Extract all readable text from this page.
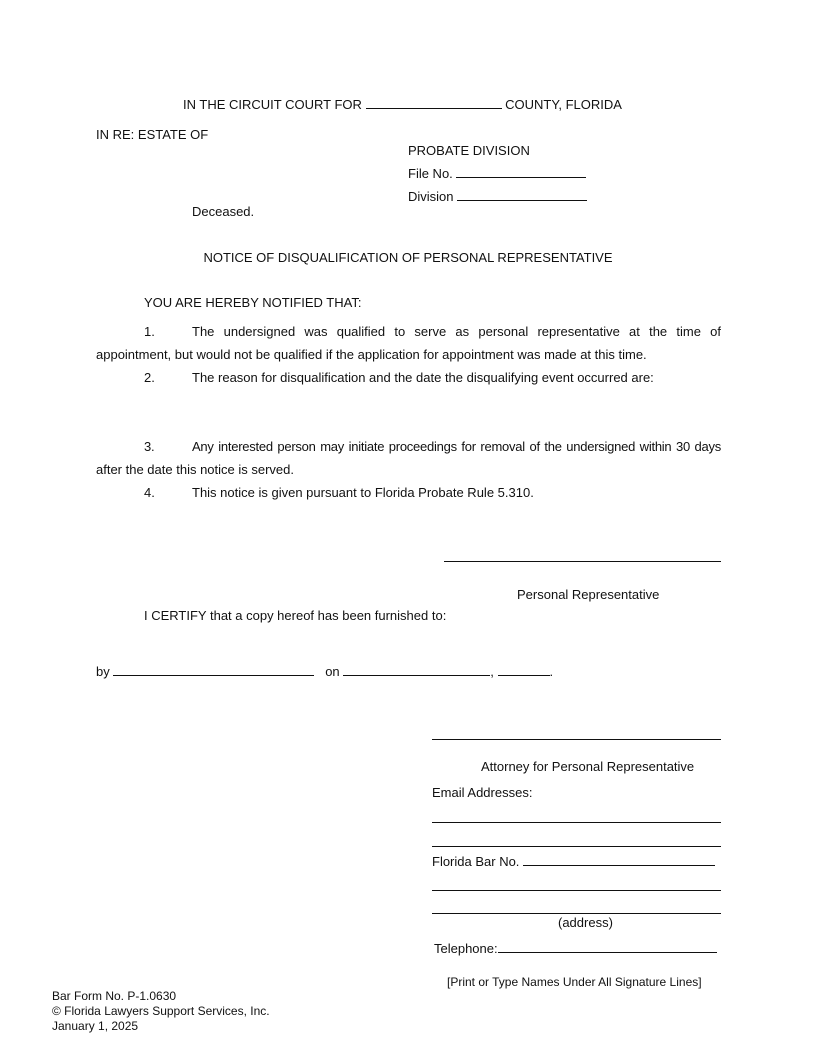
IN THE CIRCUIT COURT FOR	COUNTY, FLORIDA
IN RE: ESTATE OF
PROBATE DIVISION
File No.
Division
Deceased.
NOTICE OF DISQUALIFICATION OF PERSONAL REPRESENTATIVE
YOU ARE HEREBY NOTIFIED THAT:
1.	The undersigned was qualified to serve as personal representative at the time of
appointment, but would not be qualified if the application for appointment was made at this time.
2.	The reason for disqualification and the date the disqualifying event occurred are:
3.	Any interested person may initiate proceedings for removal of the undersigned within 30 days
after the date this notice is served.
4.	This notice is given pursuant to Florida Probate Rule 5.310.
Personal Representative
I CERTIFY that a copy hereof has been furnished to:
by	on	,	.
Attorney for Personal Representative
Email Addresses:
Florida Bar No.
(address)
Telephone:
[Print or Type Names Under All Signature Lines]
Bar Form No. P-1.0630
© Florida Lawyers Support Services, Inc.
January 1, 2025
